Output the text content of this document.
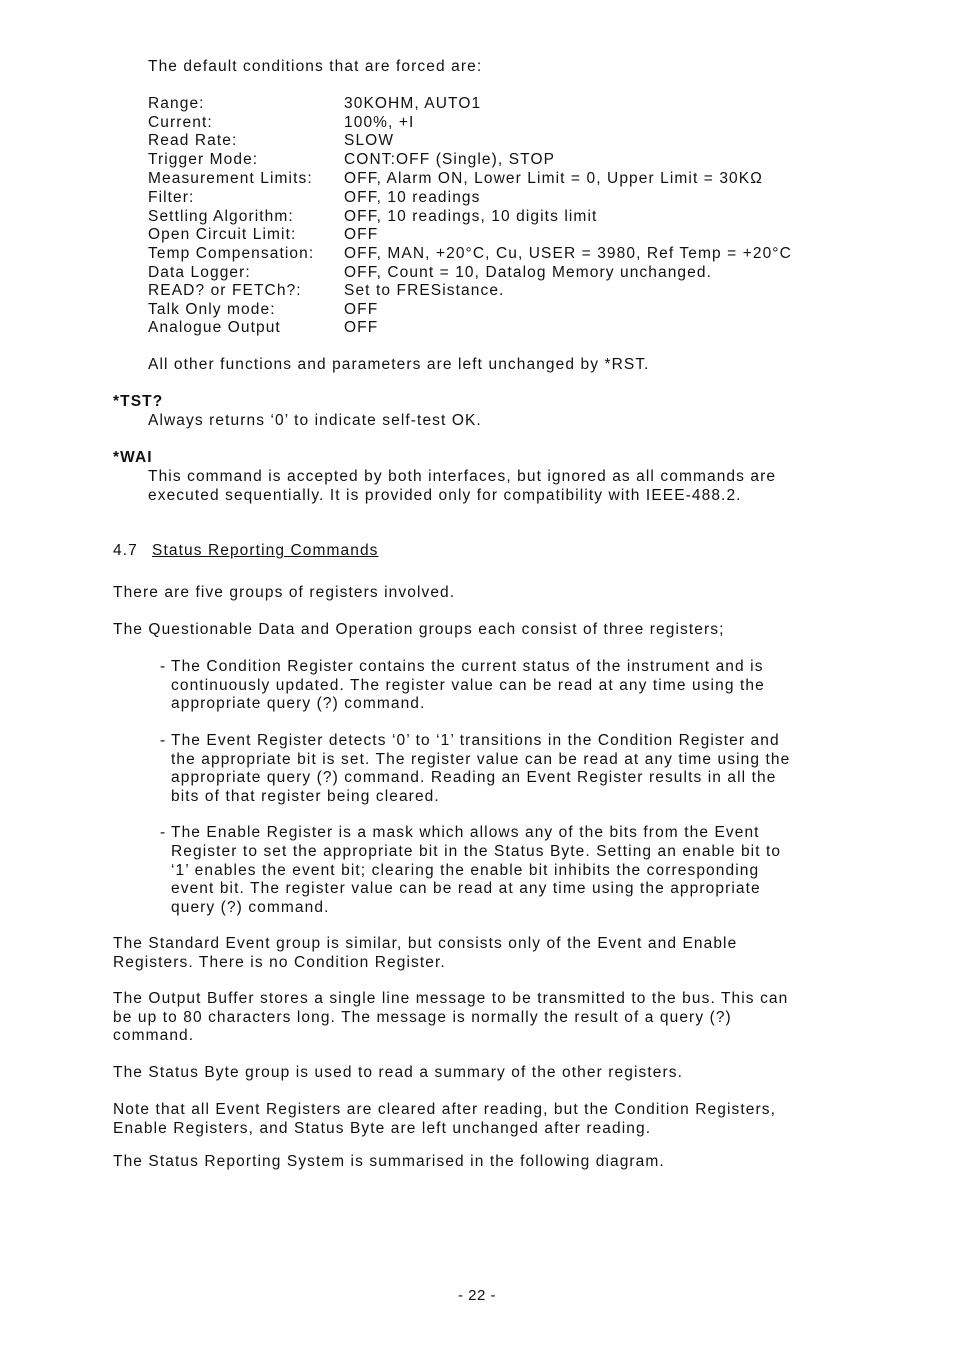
The default conditions that are forced are:
Range:	30KOHM, AUTO1
Current:	100%, +I
Read Rate:	SLOW
Trigger Mode:	CONT:OFF (Single), STOP
Measurement Limits: OFF, Alarm ON, Lower Limit = 0, Upper Limit = 30KΩ
Filter:	OFF, 10 readings
Settling Algorithm:	OFF, 10 readings, 10 digits limit
Open Circuit Limit:	OFF
Temp Compensation: OFF, MAN, +20°C, Cu, USER = 3980, Ref Temp = +20°C
Data Logger:	OFF, Count = 10, Datalog Memory unchanged.
READ? or FETCh?:	Set to FRESistance.
Talk Only mode:	OFF
Analogue Output	OFF
All other functions and parameters are left unchanged by *RST.
*TST?
Always returns ‘0’ to indicate self-test OK.
*WAI
This command is accepted by both interfaces, but ignored as all commands are
executed sequentially. It is provided only for compatibility with IEEE-488.2.
4.7 Status Reporting Commands
There are five groups of registers involved.
The Questionable Data and Operation groups each consist of three registers;
- The Condition Register contains the current status of the instrument and is
continuously updated. The register value can be read at any time using the
appropriate query (?) command.
- The Event Register detects ‘0’ to ‘1’ transitions in the Condition Register and
the appropriate bit is set. The register value can be read at any time using the
appropriate query (?) command. Reading an Event Register results in all the
bits of that register being cleared.
- The Enable Register is a mask which allows any of the bits from the Event
Register to set the appropriate bit in the Status Byte. Setting an enable bit to
‘1’ enables the event bit; clearing the enable bit inhibits the corresponding
event bit. The register value can be read at any time using the appropriate
query (?) command.
The Standard Event group is similar, but consists only of the Event and Enable
Registers. There is no Condition Register.
The Output Buffer stores a single line message to be transmitted to the bus. This can
be up to 80 characters long. The message is normally the result of a query (?)
command.
The Status Byte group is used to read a summary of the other registers.
Note that all Event Registers are cleared after reading, but the Condition Registers,
Enable Registers, and Status Byte are left unchanged after reading.
The Status Reporting System is summarised in the following diagram.
- 22 -
